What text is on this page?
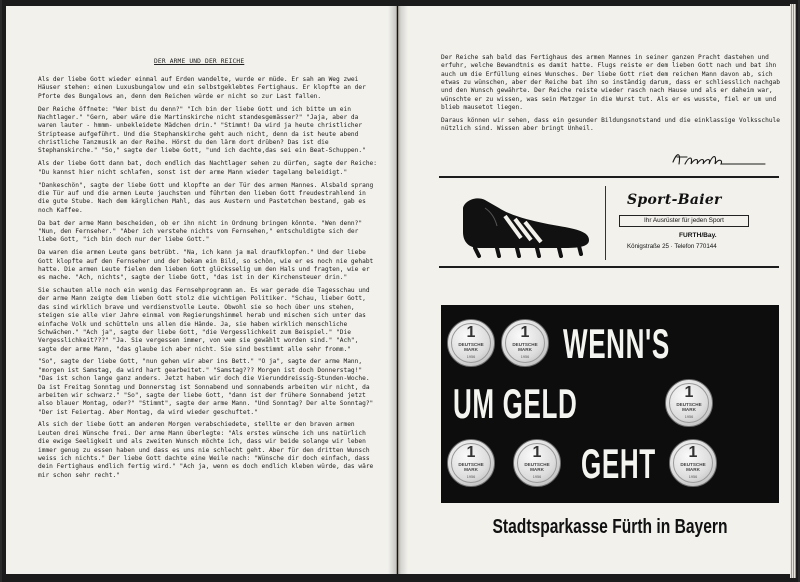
DER ARME UND DER REICHE

Als der liebe Gott wieder einmal auf Erden wandelte, wurde er müde. Er sah am Weg zwei Häuser stehen: einen Luxusbungalow und ein selbstgeklebtes Fertighaus. Er klopfte an der Pforte des Bungalows an, denn dem Reichen würde er nicht so zur Last fallen.

Der Reiche öffnete: "Wer bist du denn?" "Ich bin der liebe Gott und ich bitte um ein Nachtlager." "Gern, aber wäre die Martinskirche nicht standesgemässer?" "Jaja, aber da waren lauter - hmmm- unbekleidete Mädchen drin." "Stimmt! Da wird ja heute christlicher Striptease aufgeführt. Und die Stephanskirche geht auch nicht, denn da ist heute abend christliche Tanzmusik an der Reihe. Hörst du den lärm dort drüben? Das ist die Stephanskirche." "So," sagte der liebe Gott, "und ich dachte,das sei ein Beat-Schuppen."

Als der liebe Gott dann bat, doch endlich das Nachtlager sehen zu dürfen, sagte der Reiche: "Du kannst hier nicht schlafen, sonst ist der arme Mann wieder tagelang beleidigt."

"Dankeschön", sagte der liebe Gott und klopfte an der Tür des armen Mannes. Alsbald sprang die Tür auf und die armen Leute jauchsten und führten den lieben Gott freudestrahlend in die gute Stube. Nach dem kärglichen Mahl, das aus Austern und Pastetchen bestand, gab es noch Kaffee.

Da bat der arme Mann bescheiden, ob er ihn nicht in Ordnung bringen könnte. "Wen denn?" "Nun, den Fernseher." "Aber ich verstehe nichts vom Fernsehen," entschuldigte sich der liebe Gott, "ich bin doch nur der liebe Gott."

Da waren die armen Leute gans betrübt. "Na, ich kann ja mal draufklopfen." Und der liebe Gott klopfte auf den Fernseher und der bekam ein Bild, so schön, wie er es noch nie gehabt hatte. Die armen Leute fielen dem lieben Gott glücksselig um den Hals und fragten, wie er es mache. "Ach, nichts", sagte der liebe Gott, "das ist in der Kirchensteuer drin."

Sie schauten alle noch ein wenig das Fernsehprogramm an. Es war gerade die Tagesschau und der arme Mann zeigte dem lieben Gott stolz die wichtigen Politiker. "Schau, lieber Gott, das sind wirklich brave und verdienstvolle Leute. Obwohl sie so hoch über uns stehen, steigen sie alle vier Jahre einmal vom Regierungshimmel herab und mischen sich unter das einfache Volk und schütteln uns allen die Hände. Ja, sie haben wirklich menschliche Schwächen." "Ach ja", sagte der liebe Gott, "die Vergesslichkeit zum Beispiel." "Die Vergesslichkeit???" "Ja. Sie vergessen immer, von wem sie gewählt worden sind." "Ach", sagte der arme Mann, "das glaube ich aber nicht. Sie sind bestimmt alle sehr fromm."

"So", sagte der liebe Gott, "nun gehen wir aber ins Bett." "O ja", sagte der arme Mann, "morgen ist Samstag, da wird hart gearbeitet." "Samstag??? Morgen ist doch Donnerstag!" "Das ist schon lange ganz anders. Jetzt haben wir doch die Vierunddreissig-Stunden-Woche. Da ist Freitag Sonntag und Donnerstag ist Sonnabend und sonnabends arbeiten wir nicht, da arbeiten wir schwarz." "So", sagte der liebe Gott, "dann ist der frühere Sonnabend jetzt also blauer Montag, oder?" "Stimmt", sagte der arme Mann. "Und Sonntag? Der alte Sonntag?" "Der ist Feiertag. Aber Montag, da wird wieder geschuftet."

Als sich der liebe Gott am anderen Morgen verabschiedete, stellte er den braven armen Leuten drei Wünsche frei. Der arme Mann überlegte: "Als erstes wünsche ich uns natürlich die ewige Seeligkeit und als zweiten Wunsch möchte ich, dass wir beide solange wir leben immer genug zu essen haben und dass es uns nie schlecht geht. Aber für den dritten Wunsch weiss ich nichts." Der liebe Gott dachte eine Weile nach: "Wünsche dir doch einfach, dass dein Fertighaus endlich fertig wird." "Ach ja, wenn es doch endlich kleben würde, das wäre mir schon sehr recht."

Der Reiche sah bald das Fertighaus des armen Mannes in seiner ganzen Pracht dastehen und erfuhr, welche Bewandtnis es damit hatte. Flugs reiste er dem lieben Gott nach und bat ihn auch um die Erfüllung eines Wunsches. Der liebe Gott riet dem reichen Mann davon ab, sich etwas zu wünschen, aber der Reiche bat ihn so inständig darum, dass er schliesslich nachgab und den Wunsch gewährte. Der Reiche reiste wieder rasch nach Hause und als er daheim war, wünschte er zu wissen, was sein Metzger in die Wurst tut. Als er es wusste, fiel er um und blieb mausetot liegen.

Daraus können wir sehen, dass ein gesunder Bildungsnotstand und die einklassige Volksschule nützlich sind. Wissen aber bringt Unheil.

Sport-Baier
Ihr Ausrüster für jeden Sport
FURTH/Bay.
Königstraße 25 · Telefon 770144
1
DEUTSCHE
MARK
1956
1
DEUTSCHE
MARK
1956 WENN'S
UM GELD	1
DEUTSCHE
MARK
1956
1
DEUTSCHE
MARK
1956
1
DEUTSCHE
MARK
1956 GEHT	1
DEUTSCHE
MARK
1956
Stadtsparkasse Fürth in Bayern
